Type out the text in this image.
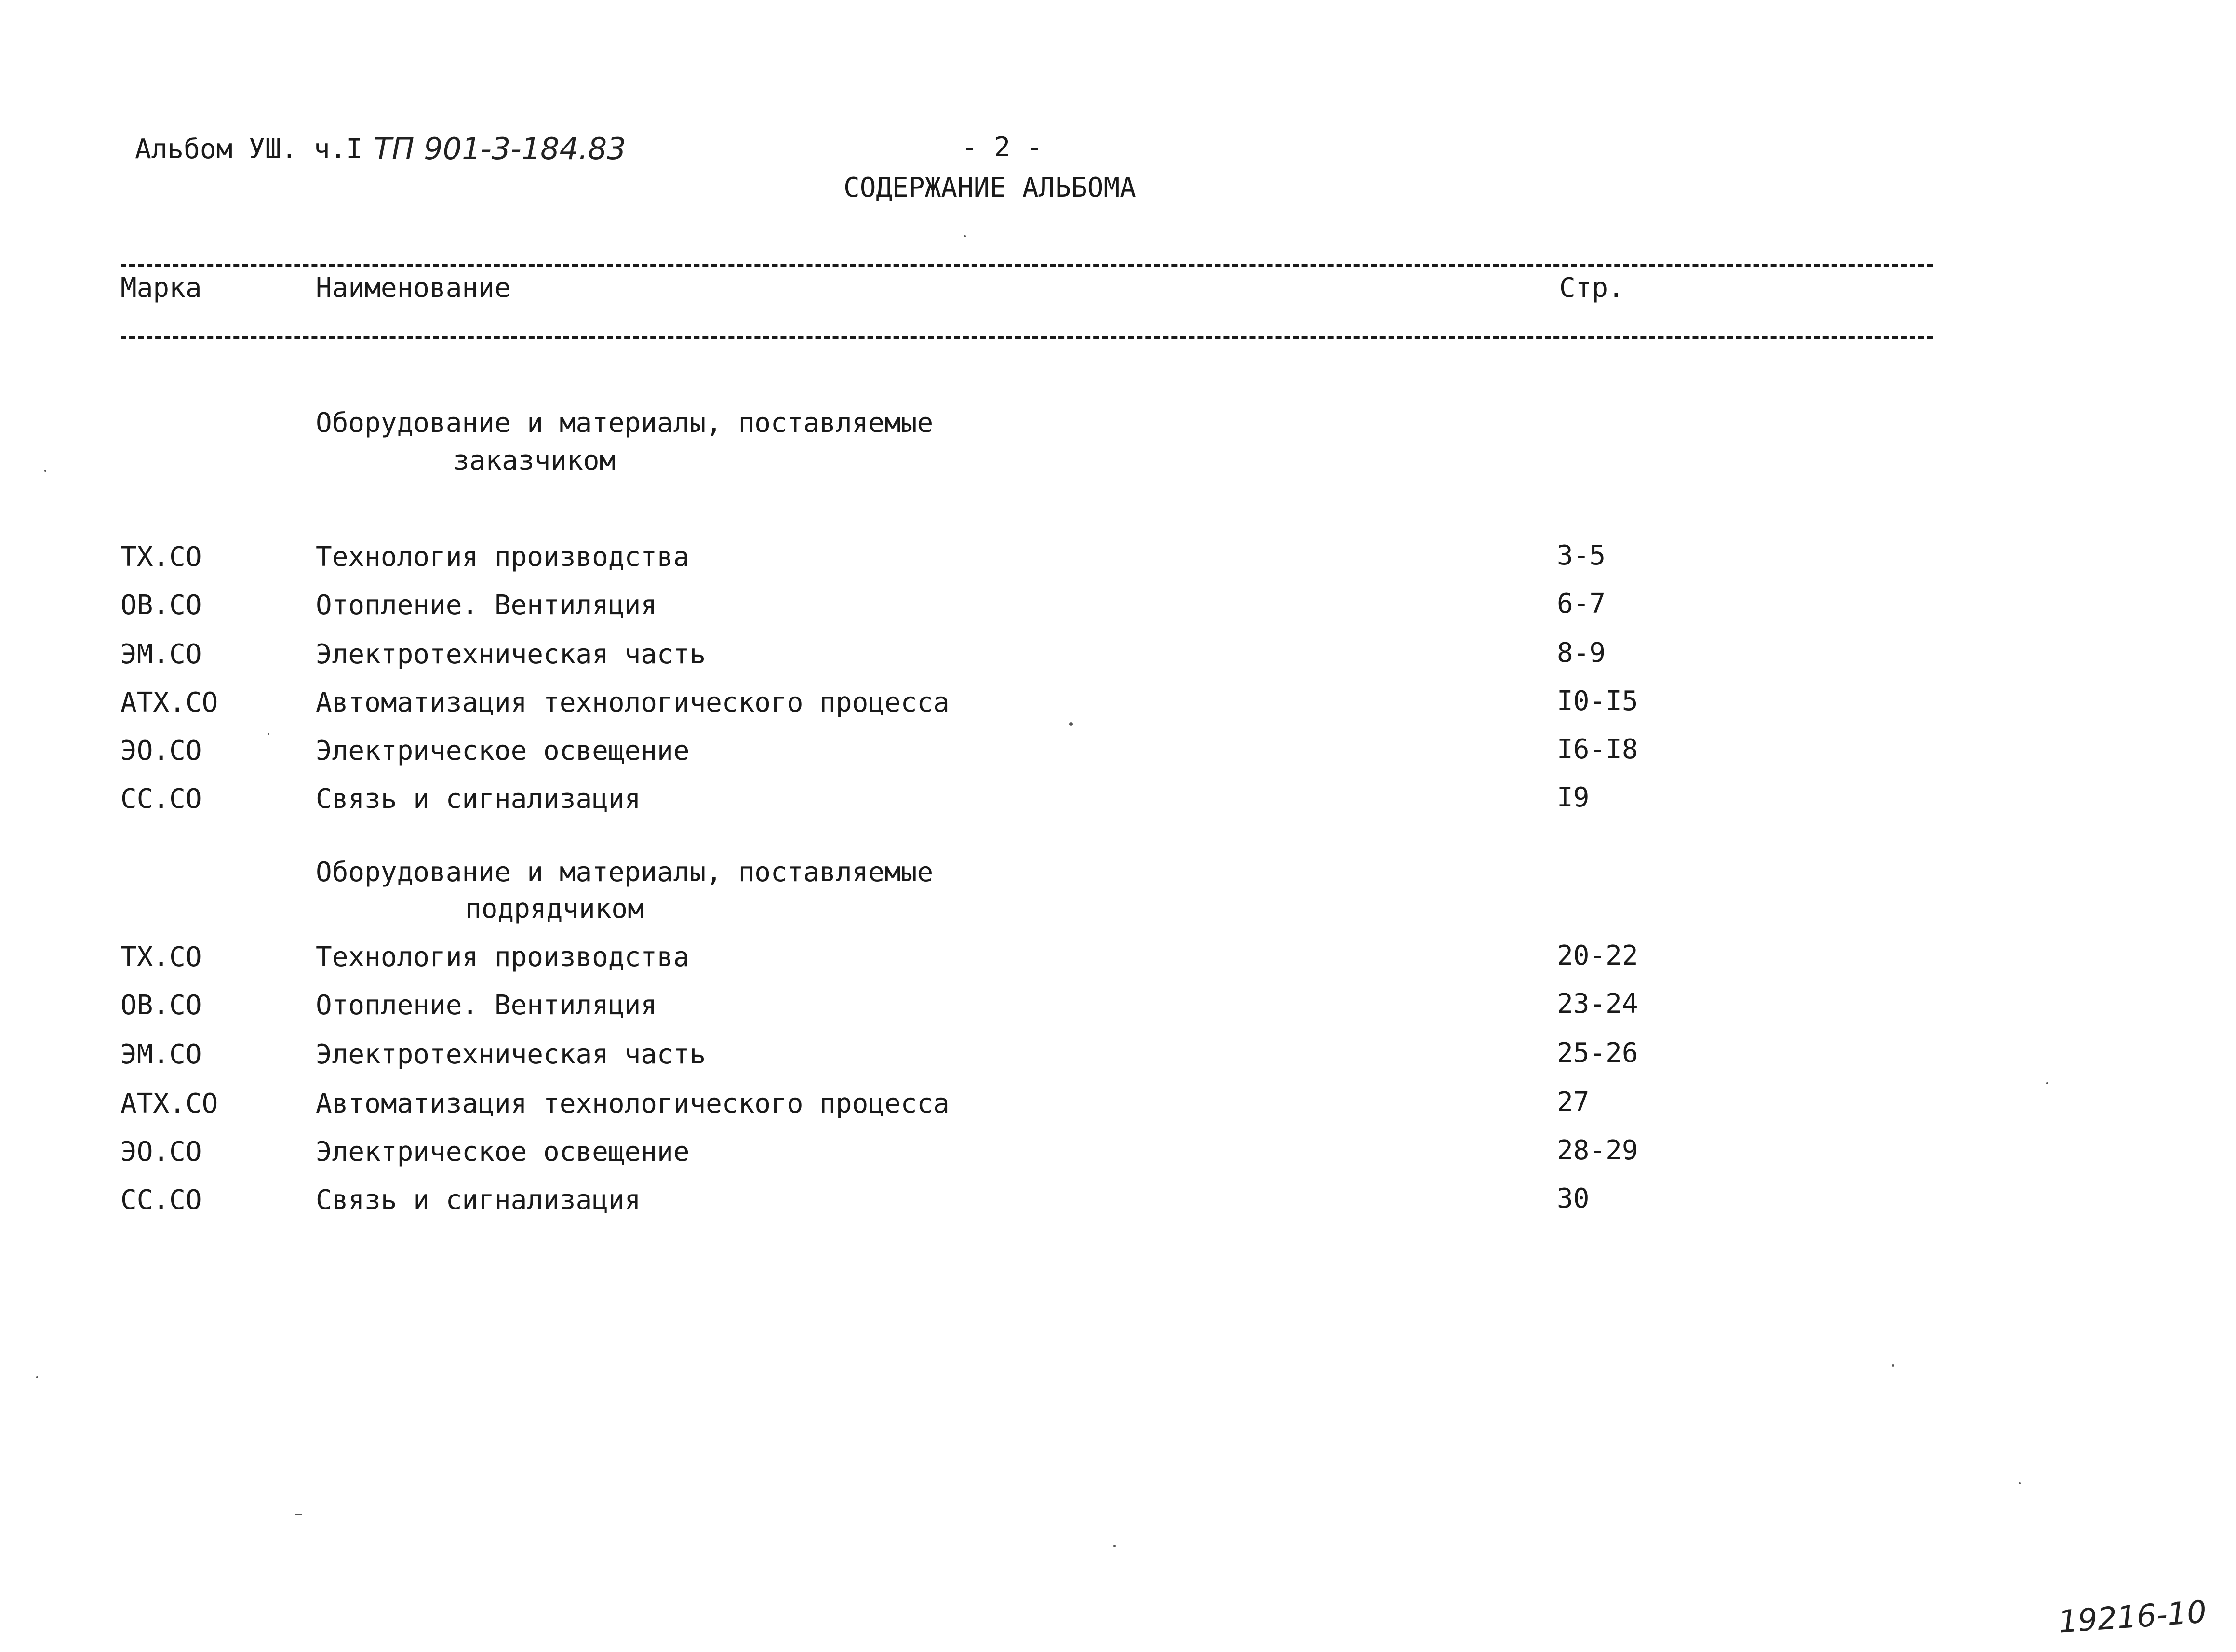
Альбом УШ. ч.I ТП 901-3-184.83	- 2 -
СОДЕРЖАНИЕ АЛЬБОМА
Марка	Наименование	Стр.
Оборудование и материалы, поставляемые
заказчиком
ТХ.СО	Технология производства	3-5
ОВ.СО	Отопление. Вентиляция	6-7
ЭМ.СО	Электротехническая часть	8-9
АТХ.СО	Автоматизация технологического процесса	I0-I5
ЭО.СО	Электрическое освещение	I6-I8
СС.СО	Связь и сигнализация	I9
Оборудование и материалы, поставляемые
подрядчиком
ТХ.СО	Технология производства	20-22
ОВ.СО	Отопление. Вентиляция	23-24
ЭМ.СО	Электротехническая часть	25-26
АТХ.СО	Автоматизация технологического процесса	27
ЭО.СО	Электрическое освещение	28-29
СС.СО	Связь и сигнализация	30
19216-10
